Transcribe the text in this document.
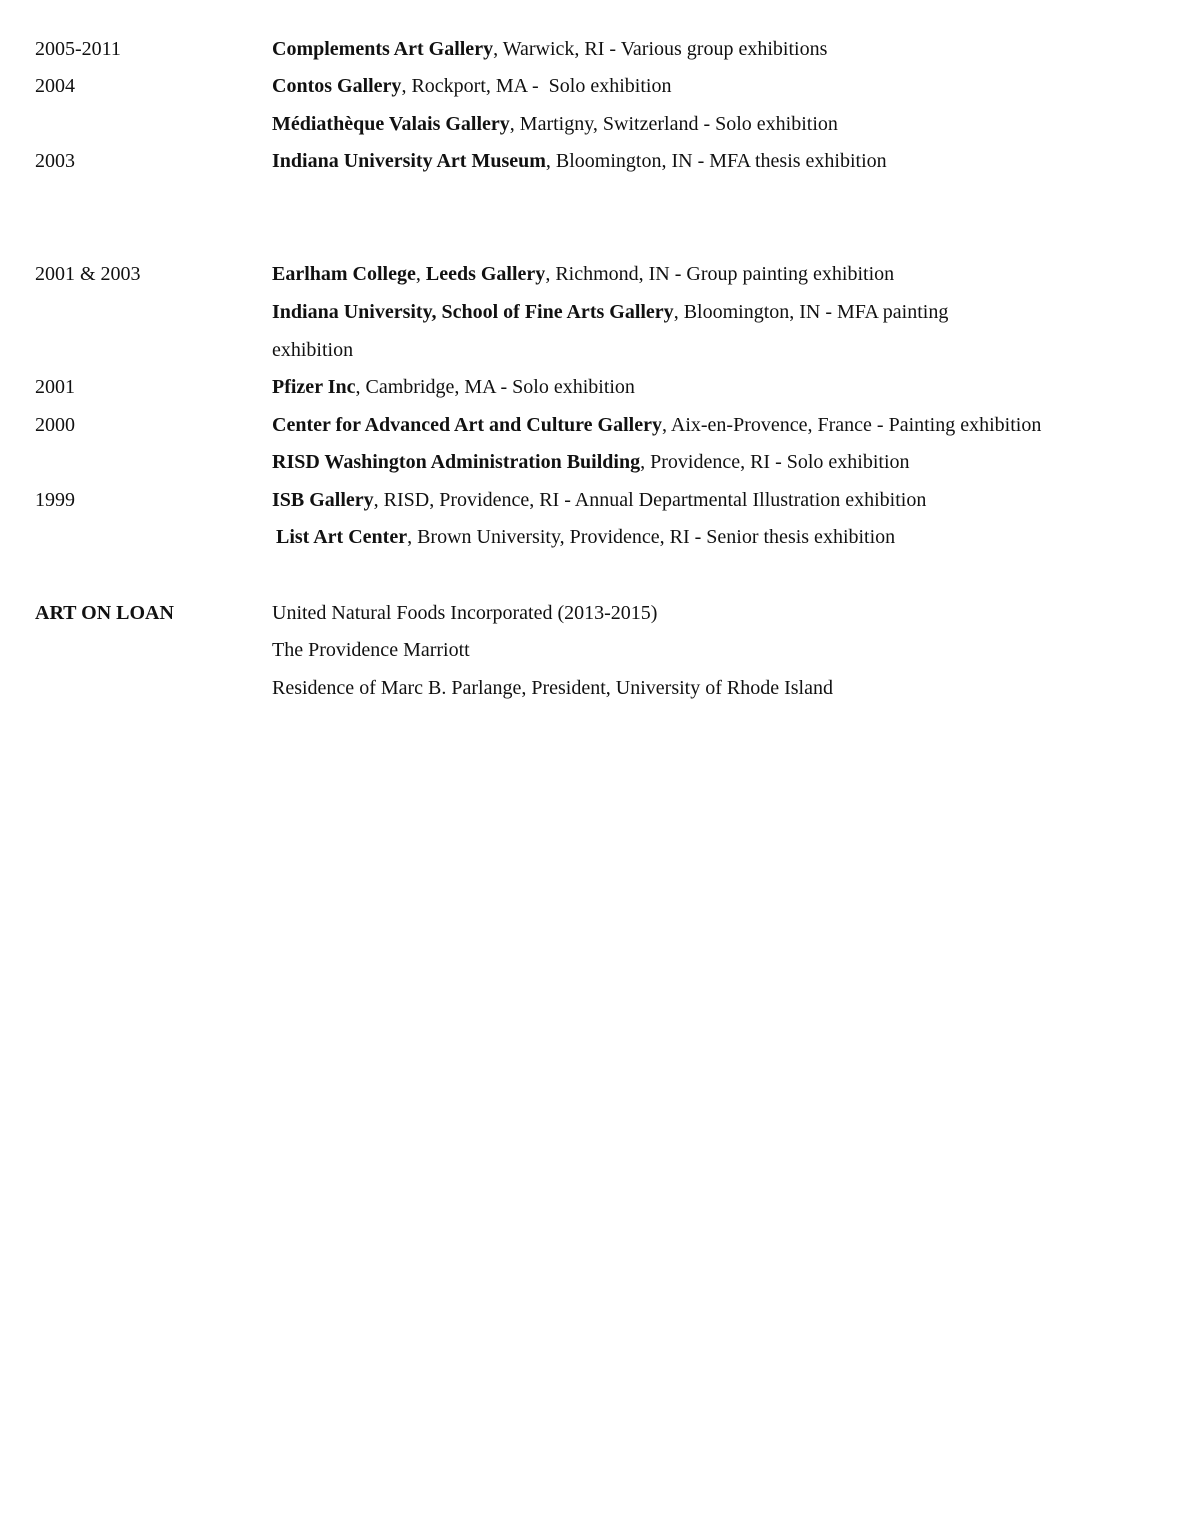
2005-2011	Complements Art Gallery, Warwick, RI - Various group exhibitions
2004	Contos Gallery, Rockport, MA -  Solo exhibition
Médiathèque Valais Gallery, Martigny, Switzerland - Solo exhibition
2003	Indiana University Art Museum, Bloomington, IN - MFA thesis exhibition
2001 & 2003	Earlham College, Leeds Gallery, Richmond, IN - Group painting exhibition
Indiana University, School of Fine Arts Gallery, Bloomington, IN - MFA painting
exhibition
2001	Pfizer Inc, Cambridge, MA - Solo exhibition
2000	Center for Advanced Art and Culture Gallery, Aix-en-Provence, France - Painting exhibition
RISD Washington Administration Building, Providence, RI - Solo exhibition
1999	ISB Gallery, RISD, Providence, RI - Annual Departmental Illustration exhibition
List Art Center, Brown University, Providence, RI - Senior thesis exhibition
ART ON LOAN	United Natural Foods Incorporated (2013-2015)
The Providence Marriott
Residence of Marc B. Parlange, President, University of Rhode Island
